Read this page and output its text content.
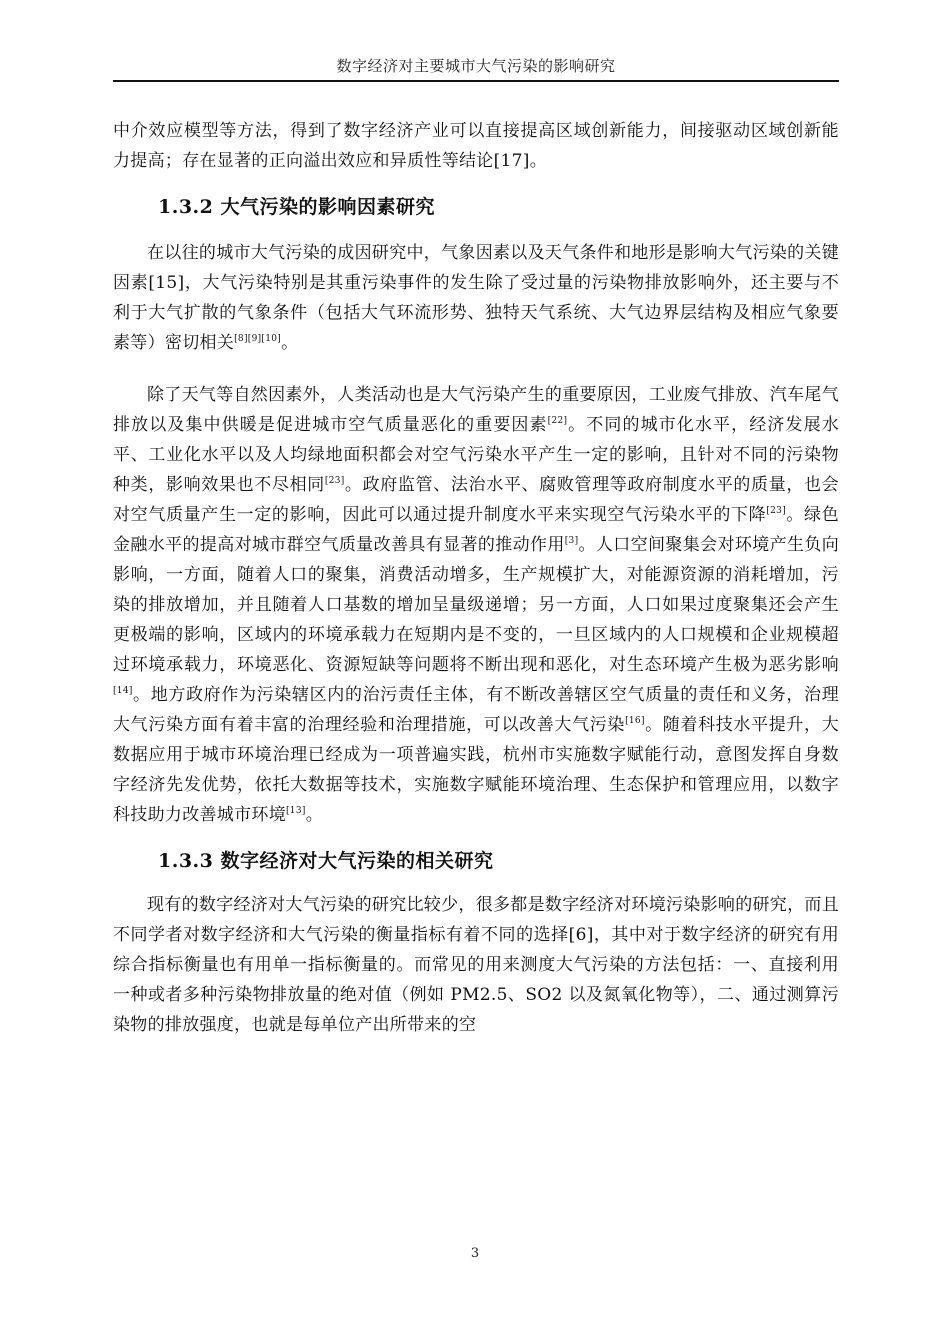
数字经济对主要城市大气污染的影响研究

中介效应模型等方法，得到了数字经济产业可以直接提高区域创新能力，间接驱动区域创新能力提高；存在显著的正向溢出效应和异质性等结论[17]。

1.3.2 大气污染的影响因素研究

在以往的城市大气污染的成因研究中，气象因素以及天气条件和地形是影响大气污染的关键因素[15]，大气污染特别是其重污染事件的发生除了受过量的污染物排放影响外，还主要与不利于大气扩散的气象条件（包括大气环流形势、独特天气系统、大气边界层结构及相应气象要素等）密切相关[8][9][10]。

除了天气等自然因素外，人类活动也是大气污染产生的重要原因，工业废气排放、汽车尾气排放以及集中供暖是促进城市空气质量恶化的重要因素[22]。不同的城市化水平，经济发展水平、工业化水平以及人均绿地面积都会对空气污染水平产生一定的影响，且针对不同的污染物种类，影响效果也不尽相同[23]。政府监管、法治水平、腐败管理等政府制度水平的质量，也会对空气质量产生一定的影响，因此可以通过提升制度水平来实现空气污染水平的下降[23]。绿色金融水平的提高对城市群空气质量改善具有显著的推动作用[3]。人口空间聚集会对环境产生负向影响，一方面，随着人口的聚集，消费活动增多，生产规模扩大，对能源资源的消耗增加，污染的排放增加，并且随着人口基数的增加呈量级递增；另一方面，人口如果过度聚集还会产生更极端的影响，区域内的环境承载力在短期内是不变的，一旦区域内的人口规模和企业规模超过环境承载力，环境恶化、资源短缺等问题将不断出现和恶化，对生态环境产生极为恶劣影响[14]。地方政府作为污染辖区内的治污责任主体，有不断改善辖区空气质量的责任和义务，治理大气污染方面有着丰富的治理经验和治理措施，可以改善大气污染[16]。随着科技水平提升，大数据应用于城市环境治理已经成为一项普遍实践，杭州市实施数字赋能行动，意图发挥自身数字经济先发优势，依托大数据等技术，实施数字赋能环境治理、生态保护和管理应用，以数字科技助力改善城市环境[13]。

1.3.3 数字经济对大气污染的相关研究

现有的数字经济对大气污染的研究比较少，很多都是数字经济对环境污染影响的研究，而且不同学者对数字经济和大气污染的衡量指标有着不同的选择[6]，其中对于数字经济的研究有用综合指标衡量也有用单一指标衡量的。而常见的用来测度大气污染的方法包括：一、直接利用一种或者多种污染物排放量的绝对值（例如 PM2.5、SO2 以及氮氧化物等），二、通过测算污染物的排放强度，也就是每单位产出所带来的空

3
